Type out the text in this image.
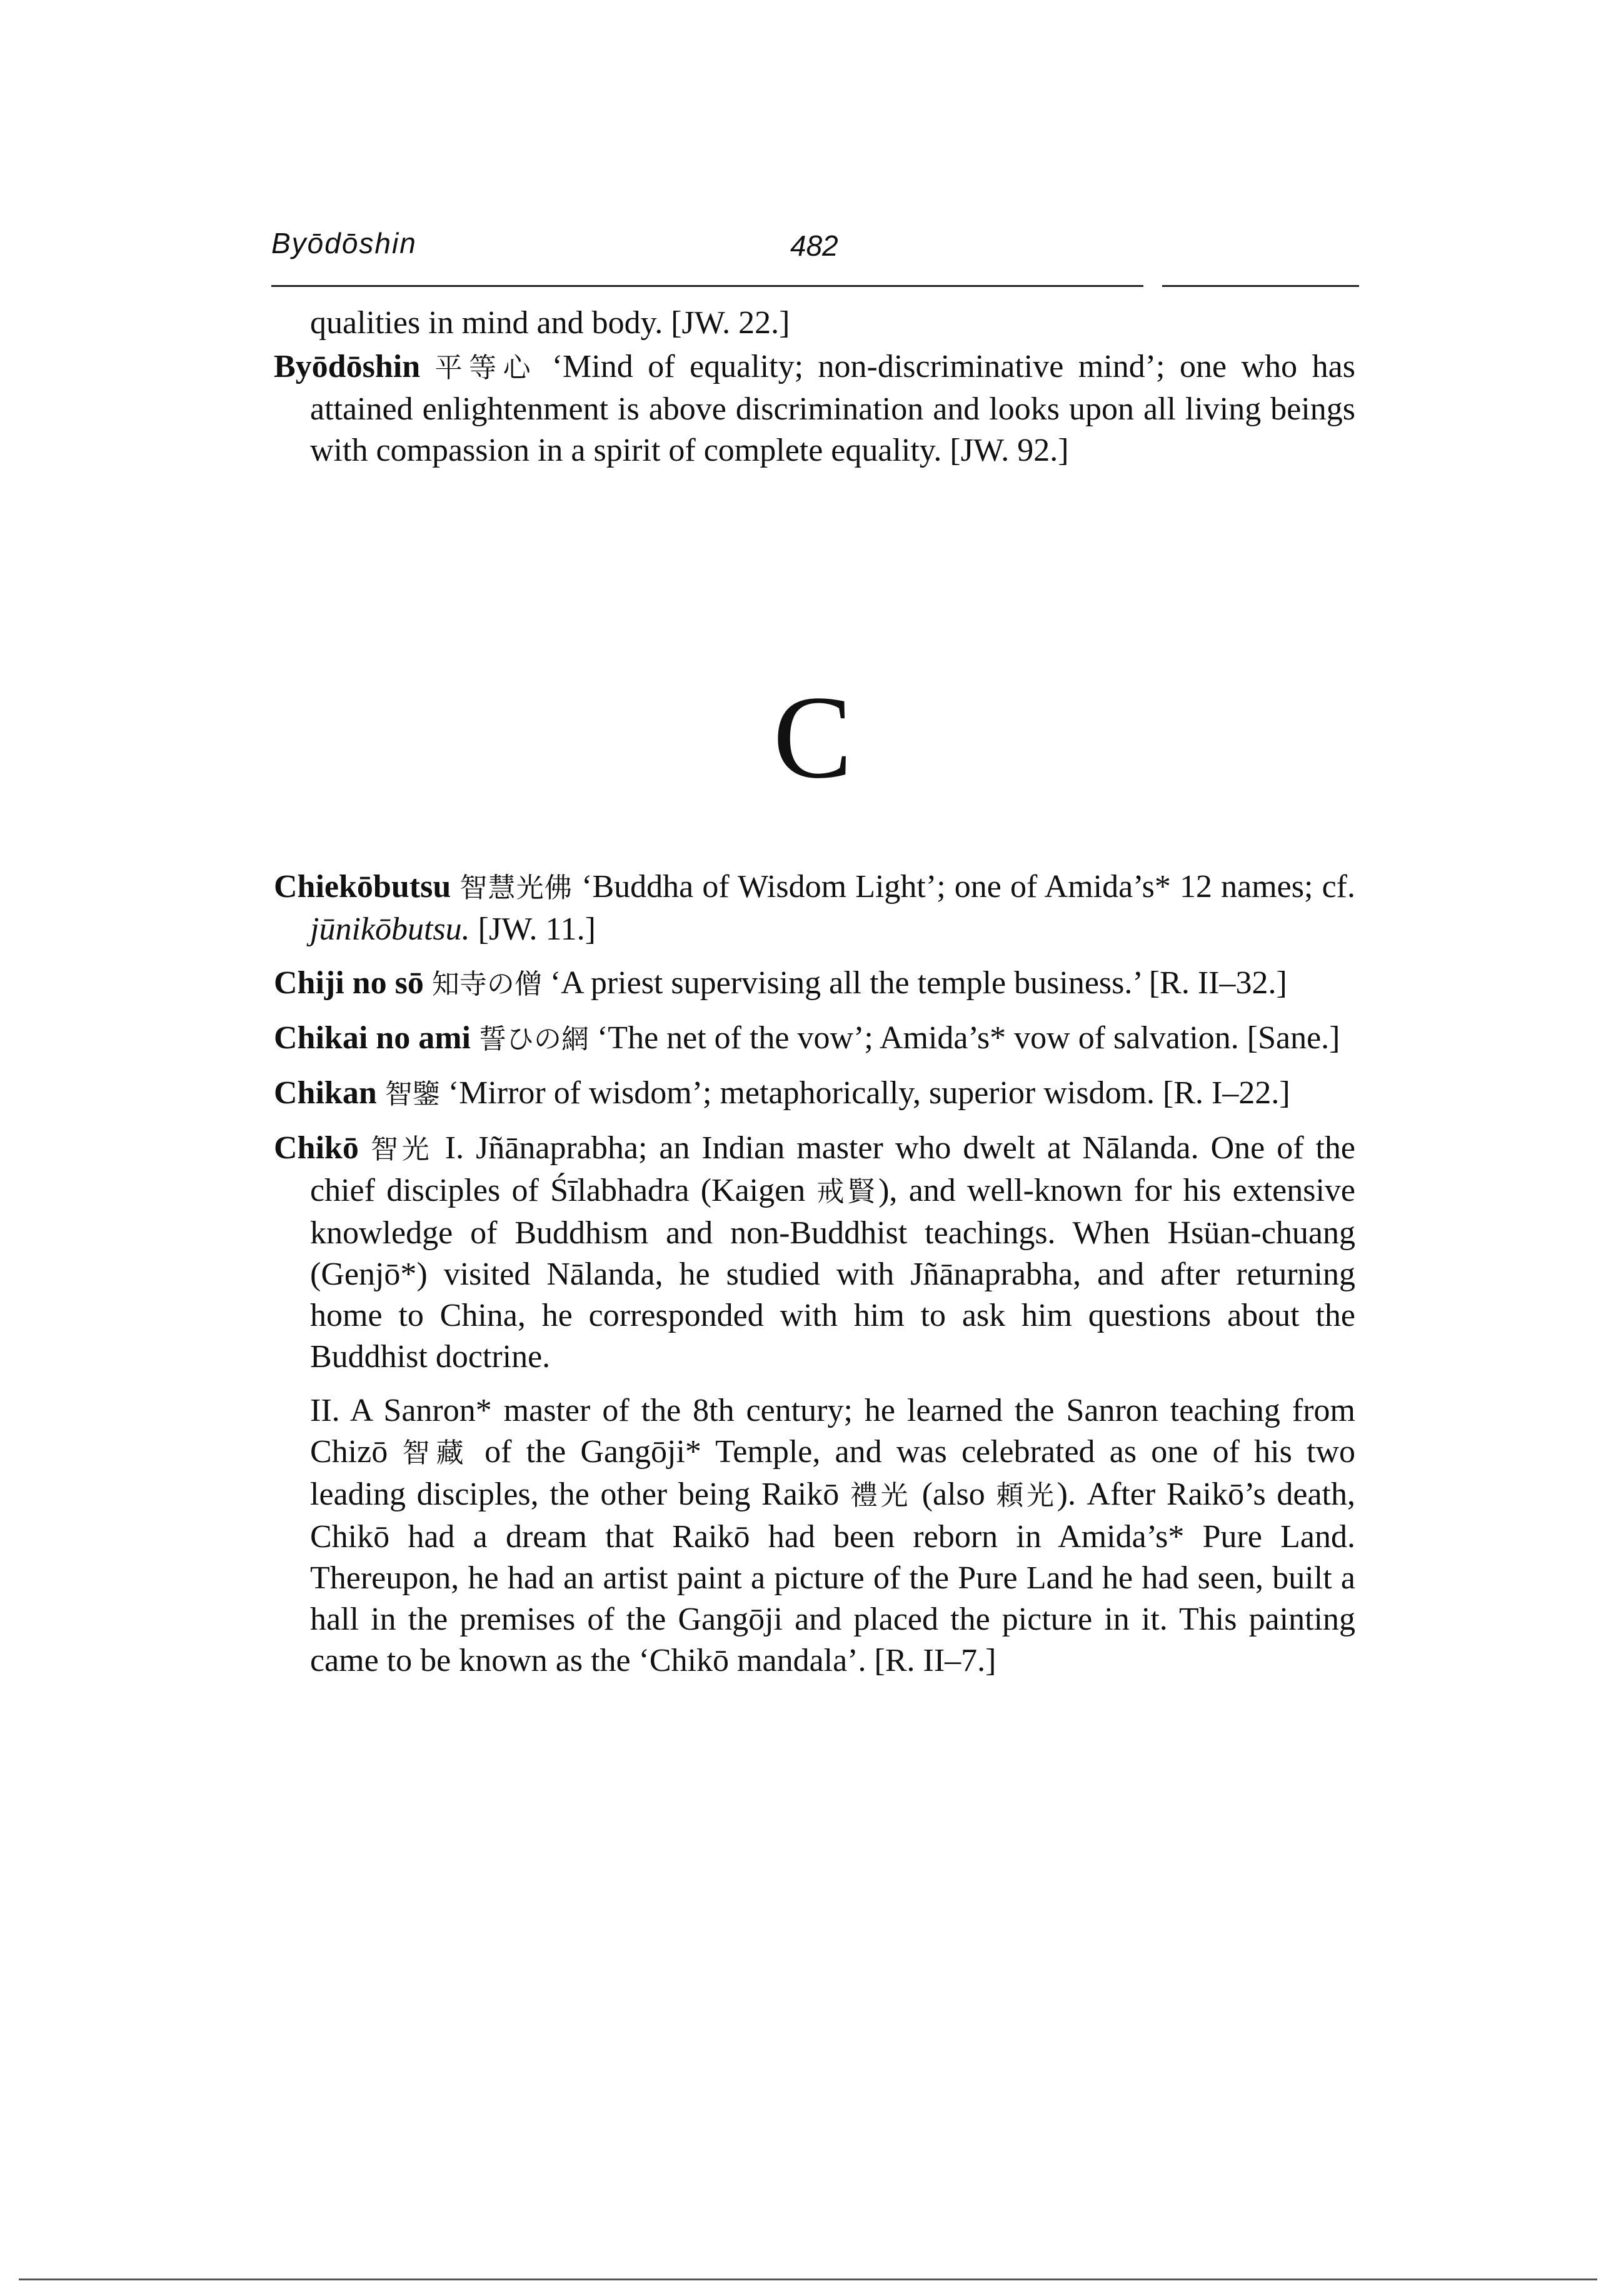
Byōdōshin	482

qualities in mind and body. [JW. 22.]

Byōdōshin 平等心 ‘Mind of equality; non-discriminative mind’; one who has attained enlightenment is above discrimination and looks upon all living beings with compassion in a spirit of complete equality. [JW. 92.]

C

Chiekōbutsu 智慧光佛 ‘Buddha of Wisdom Light’; one of Amida’s* 12 names; cf. jūnikōbutsu. [JW. 11.]

Chiji no sō 知寺の僧 ‘A priest supervising all the temple business.’ [R. II–32.]

Chikai no ami 誓ひの網 ‘The net of the vow’; Amida’s* vow of salvation. [Sane.]

Chikan 智鑒 ‘Mirror of wisdom’; metaphorically, superior wisdom. [R. I–22.]

Chikō 智光 I. Jñānaprabha; an Indian master who dwelt at Nālanda. One of the chief disciples of Śīlabhadra (Kaigen 戒賢), and well-known for his extensive knowledge of Buddhism and non-Buddhist teachings. When Hsüan-chuang (Genjō*) visited Nālanda, he studied with Jñānaprabha, and after returning home to China, he corresponded with him to ask him questions about the Buddhist doctrine.

II. A Sanron* master of the 8th century; he learned the Sanron teaching from Chizō 智藏 of the Gangōji* Temple, and was celebrated as one of his two leading disciples, the other being Raikō 禮光 (also 頼光). After Raikō’s death, Chikō had a dream that Raikō had been reborn in Amida’s* Pure Land. Thereupon, he had an artist paint a picture of the Pure Land he had seen, built a hall in the premises of the Gangōji and placed the picture in it. This painting came to be known as the ‘Chikō mandala’. [R. II–7.]
